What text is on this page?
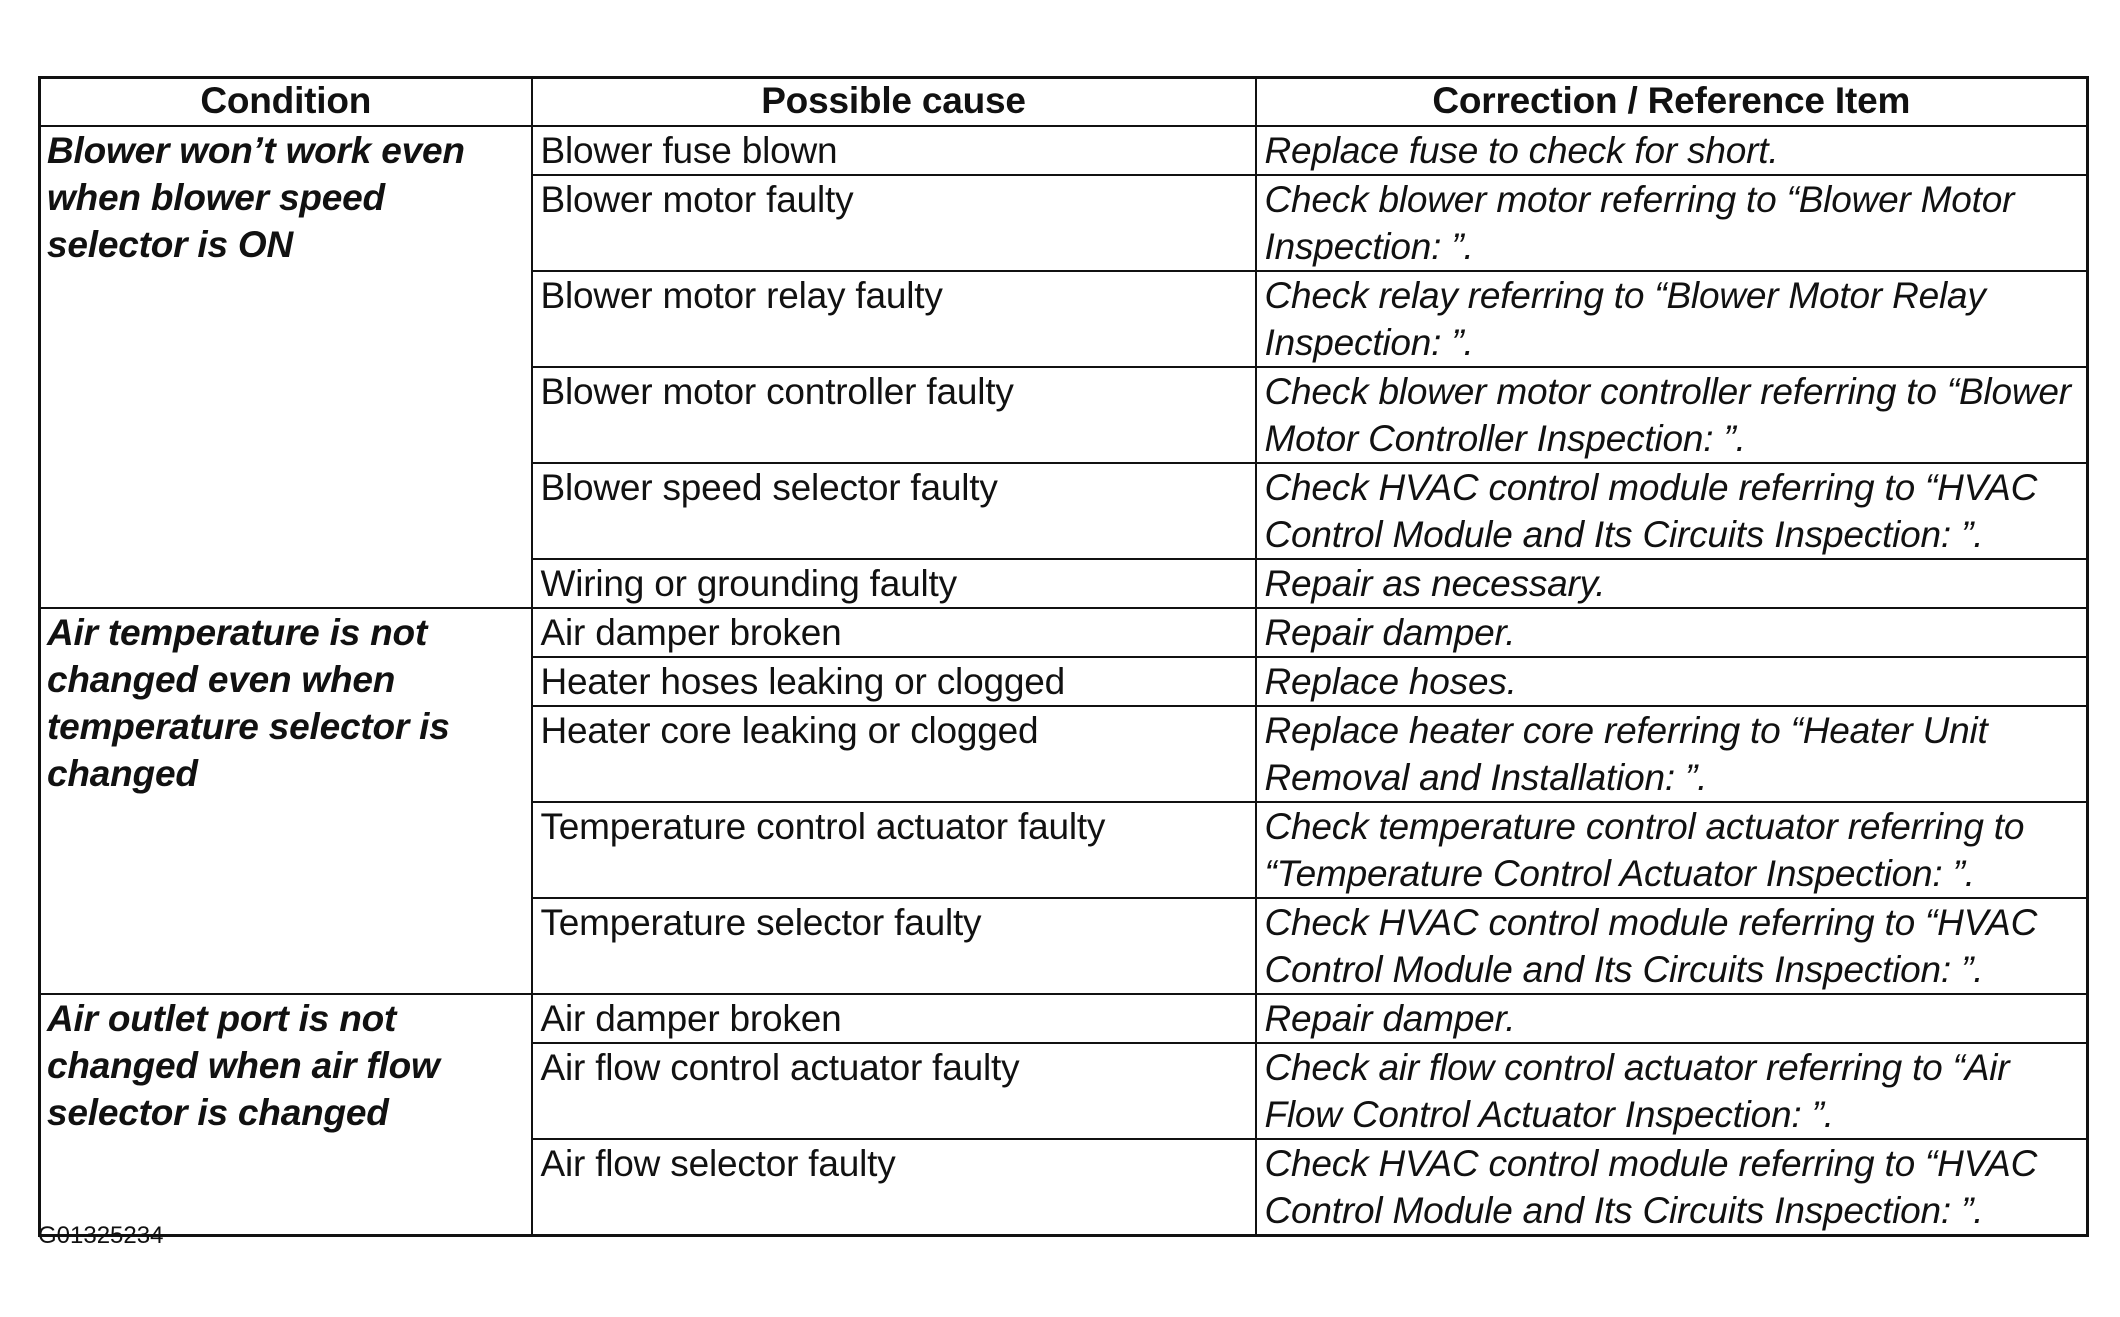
Condition	Possible cause	Correction / Reference Item
Blower won’t work even when blower speed selector is ON	Blower fuse blown	Replace fuse to check for short.
	Blower motor faulty	Check blower motor referring to “Blower Motor Inspection: ”.
	Blower motor relay faulty	Check relay referring to “Blower Motor Relay Inspection: ”.
	Blower motor controller faulty	Check blower motor controller referring to “Blower Motor Controller Inspection: ”.
	Blower speed selector faulty	Check HVAC control module referring to “HVAC Control Module and Its Circuits Inspection: ”.
	Wiring or grounding faulty	Repair as necessary.
Air temperature is not changed even when temperature selector is changed	Air damper broken	Repair damper.
	Heater hoses leaking or clogged	Replace hoses.
	Heater core leaking or clogged	Replace heater core referring to “Heater Unit Removal and Installation: ”.
	Temperature control actuator faulty	Check temperature control actuator referring to “Temperature Control Actuator Inspection: ”.
	Temperature selector faulty	Check HVAC control module referring to “HVAC Control Module and Its Circuits Inspection: ”.
Air outlet port is not changed when air flow selector is changed	Air damper broken	Repair damper.
	Air flow control actuator faulty	Check air flow control actuator referring to “Air Flow Control Actuator Inspection: ”.
	Air flow selector faulty	Check HVAC control module referring to “HVAC Control Module and Its Circuits Inspection: ”.
G01325234
